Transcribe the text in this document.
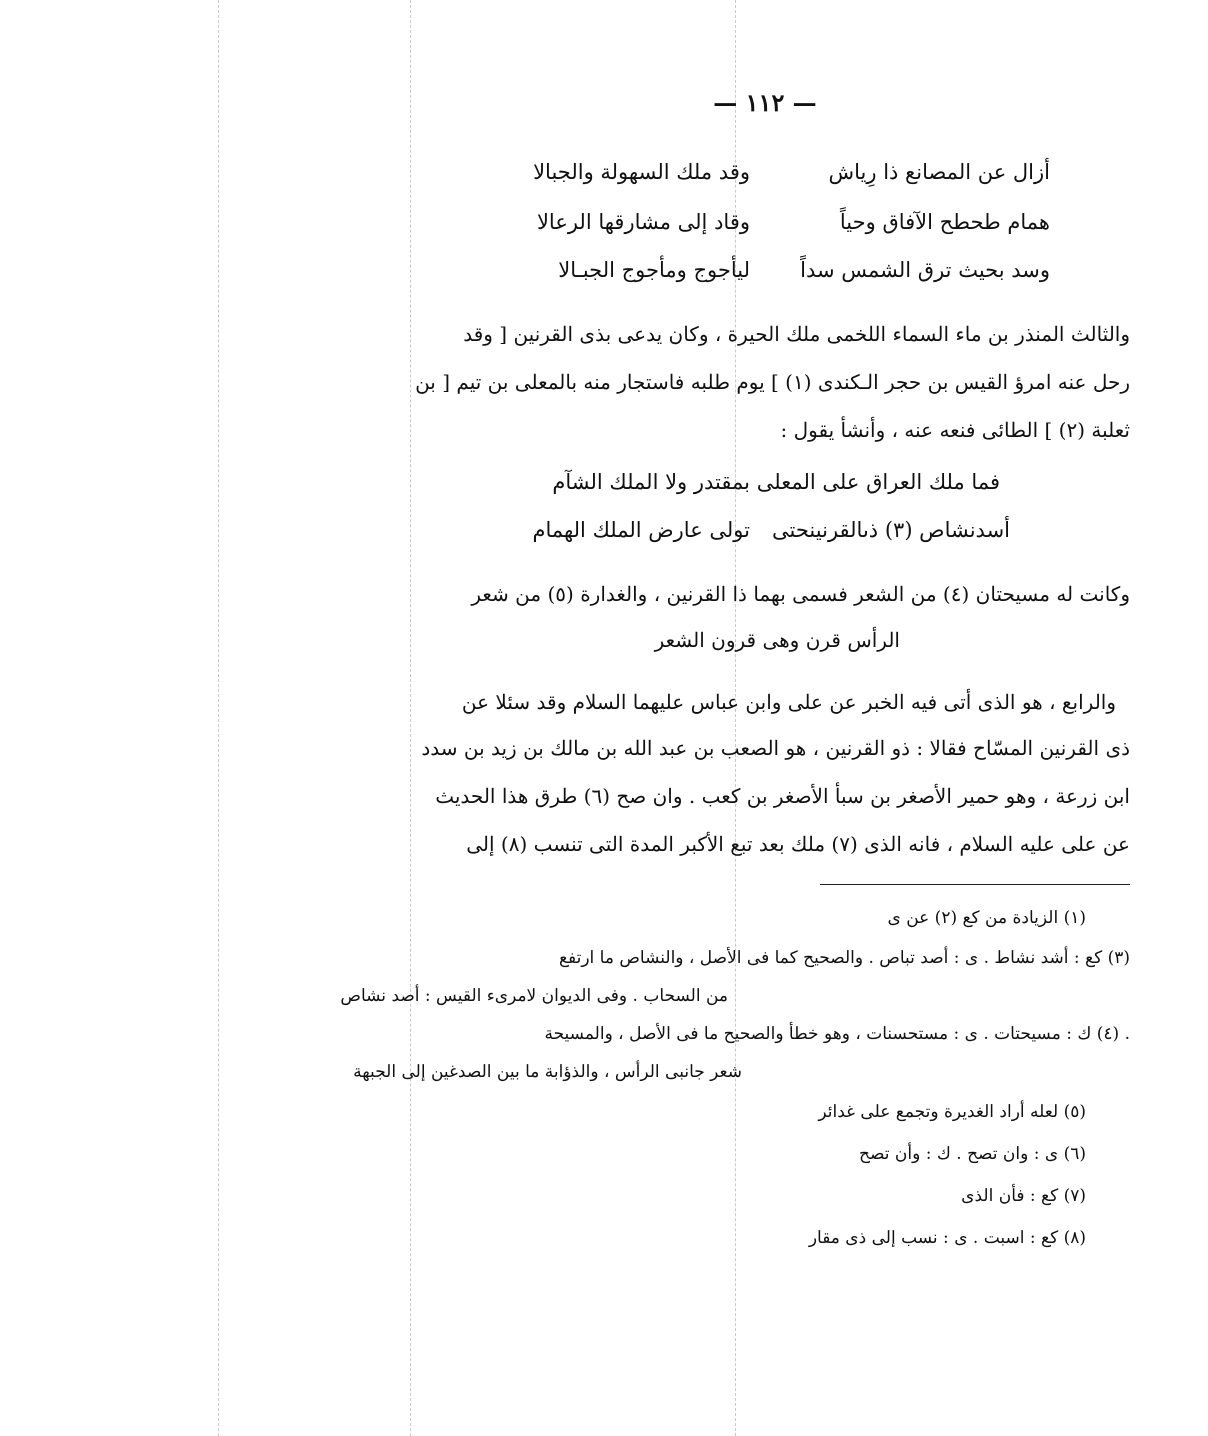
— ١١٢ —
أزال عن المصانع ذا رِياش
وقد ملك السهولة والجبالا
همام طحطح الآفاق وحياً
وقاد إلى مشارقها الرعالا
وسد بحيث ترق الشمس سداً
ليأجوج ومأجوج الجبـالا
والثالث المنذر بن ماء السماء اللخمى ملك الحيرة ، وكان يدعى بذى القرنين [ وقد
رحل عنه امرؤ القيس بن حجر الـكندى (١) ] يوم طلبه فاستجار منه بالمعلى بن تيم [ بن
ثعلبة (٢) ] الطائى فنعه عنه ، وأنشأ يقول :
فما ملك العراق على المعلى
بمقتدر ولا الملك الشآم
أسدنشاص (٣) ذىالقرنينحتى
تولى عارض الملك الهمام
وكانت له مسيحتان (٤) من الشعر فسمى بهما ذا القرنين ، والغدارة (٥) من شعر
الرأس قرن وهى قرون الشعر
والرابع ، هو الذى أتى فيه الخبر عن على وابن عباس عليهما السلام وقد سئلا عن
ذى القرنين المسّاح فقالا : ذو القرنين ، هو الصعب بن عبد الله بن مالك بن زيد بن سدد
ابن زرعة ، وهو حمير الأصغر بن سبأ الأصغر بن كعب . وان صح (٦) طرق هذا الحديث
عن على عليه السلام ، فانه الذى (٧) ملك بعد تبع الأكبر المدة التى تنسب (٨) إلى
(١) الزيادة من كع (٢) عن ى
(٣) كع : أشد نشاط . ى : أصد تباص . والصحيح كما فى الأصل ، والنشاص ما ارتفع
من السحاب . وفى الديوان لامرىء القيس : أصد نشاص
. (٤) ك : مسيحتات . ى : مستحسنات ، وهو خطأ والصحيح ما فى الأصل ، والمسيحة
شعر جانبى الرأس ، والذؤابة ما بين الصدغين إلى الجبهة
(٥) لعله أراد الغديرة وتجمع على غدائر
(٦) ى : وان تصح . ك : وأن تصح
(٧) كع : فأن الذى
(٨) كع : اسبت . ى : نسب إلى ذى مقار
